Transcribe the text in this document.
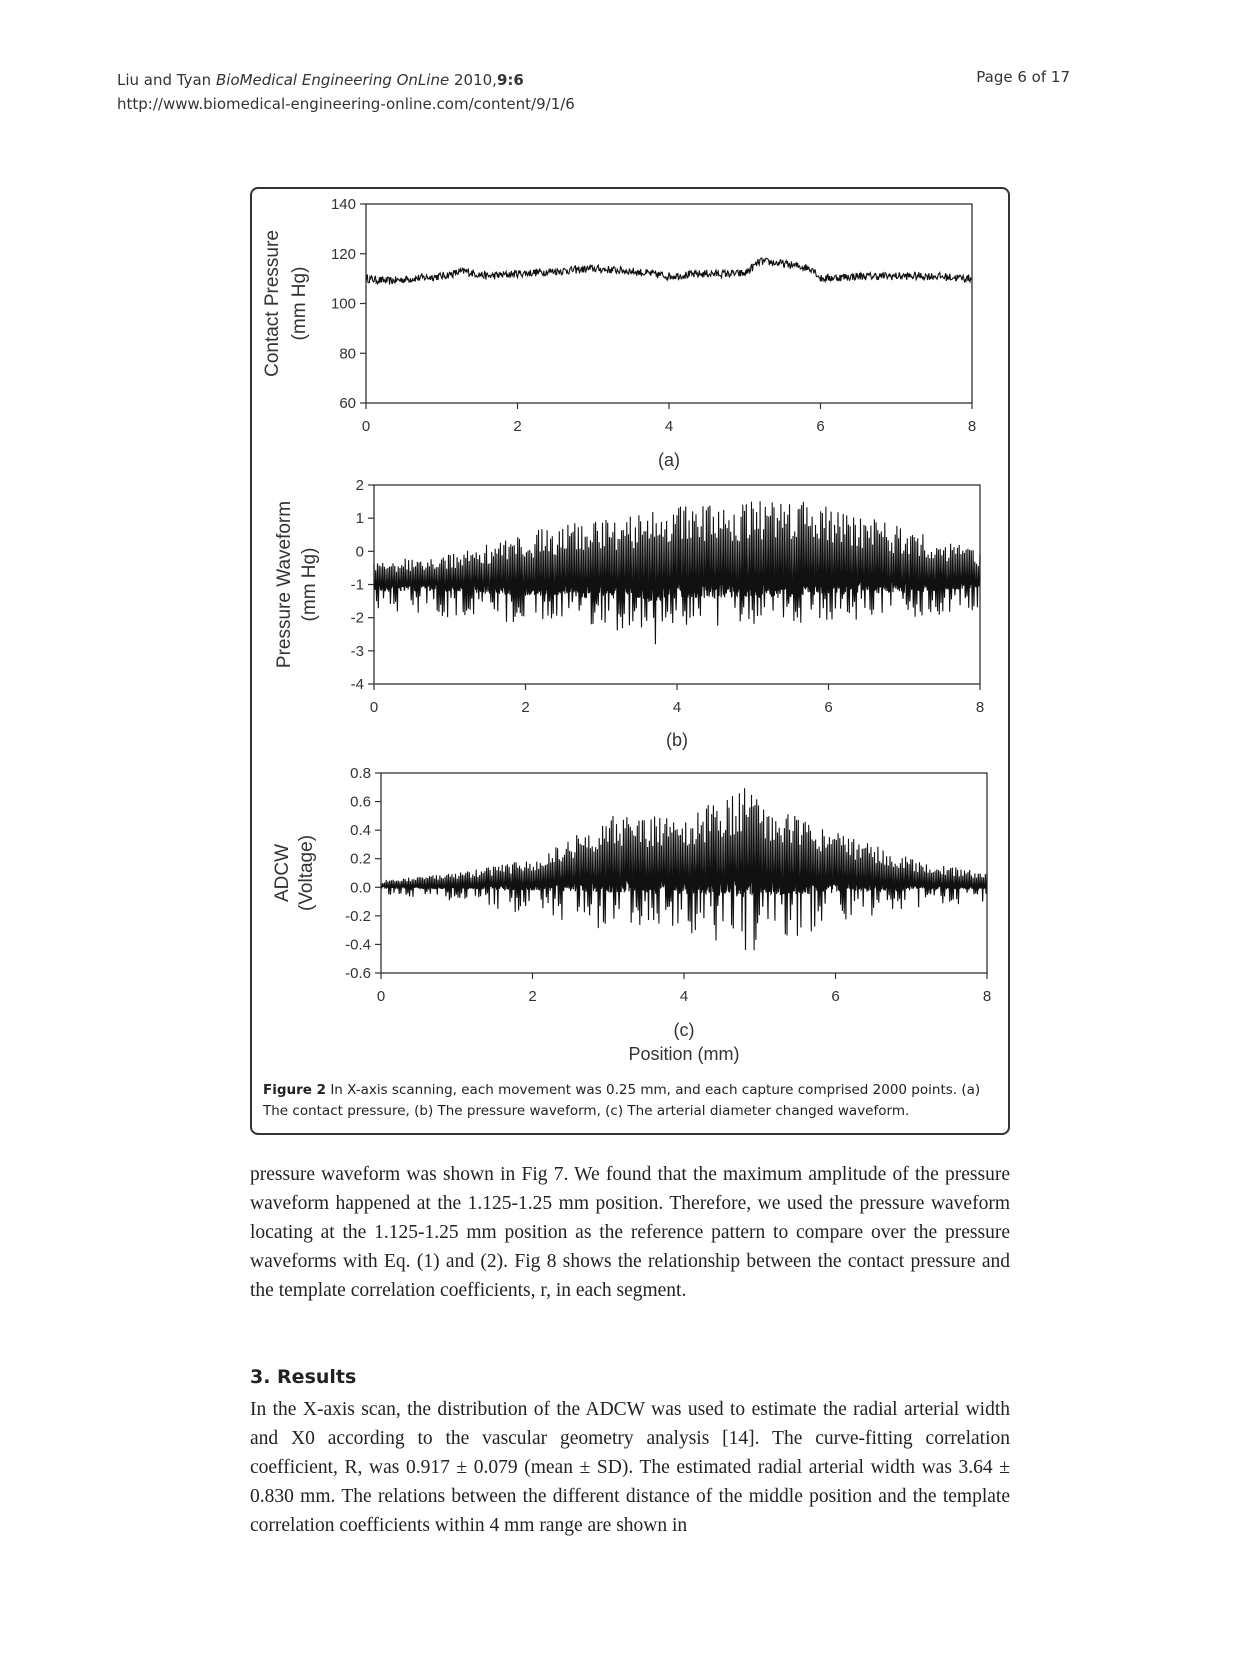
Liu and Tyan BioMedical Engineering OnLine 2010,9:6
http://www.biomedical-engineering-online.com/content/9/1/6
Page 6 of 17
60
80
100
120
140
0	2	4	6	8
Contact Pressure (mm Hg)
(a)
-4
-3
-2
-1
0
1
2
0	2	4	6	8
Pressure Waveform (mm Hg)
(b)
-0.6
-0.4
-0.2
0.0
0.2
0.4
0.6
0.8
0	2	4	6	8
ADCW (Voltage)
(c)
Position (mm)
Figure 2 In X-axis scanning, each movement was 0.25 mm, and each capture comprised 2000 points. (a) The contact pressure, (b) The pressure waveform, (c) The arterial diameter changed waveform.

pressure waveform was shown in Fig 7. We found that the maximum amplitude of the pressure waveform happened at the 1.125-1.25 mm position. Therefore, we used the pressure waveform locating at the 1.125-1.25 mm position as the reference pattern to compare over the pressure waveforms with Eq. (1) and (2). Fig 8 shows the relationship between the contact pressure and the template correlation coefficients, r, in each segment.

3. Results

In the X-axis scan, the distribution of the ADCW was used to estimate the radial arterial width and X0 according to the vascular geometry analysis [14]. The curve-fitting correlation coefficient, R, was 0.917 ± 0.079 (mean ± SD). The estimated radial arterial width was 3.64 ± 0.830 mm. The relations between the different distance of the middle position and the template correlation coefficients within 4 mm range are shown in
